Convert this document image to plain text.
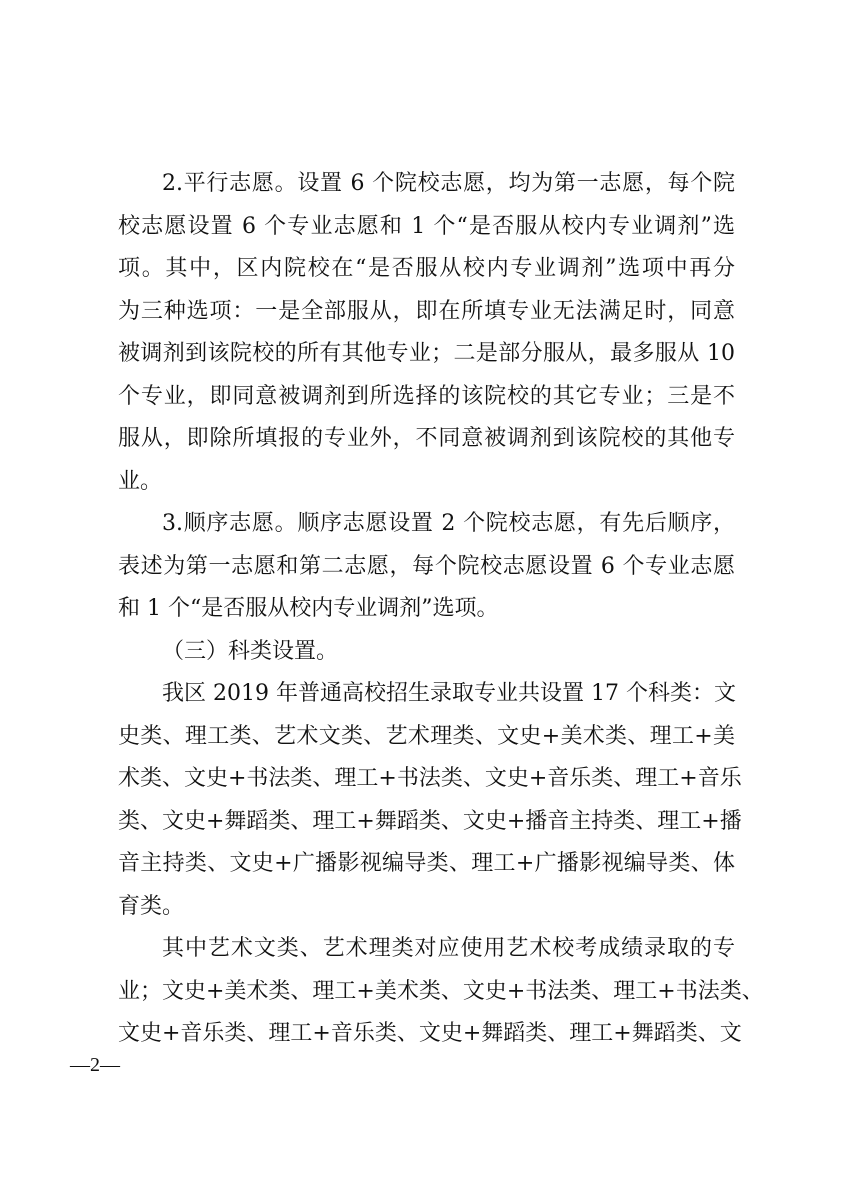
2.平行志愿。设置 6 个院校志愿，均为第一志愿，每个院
校志愿设置 6 个专业志愿和 1 个“是否服从校内专业调剂”选
项。其中，区内院校在“是否服从校内专业调剂”选项中再分
为三种选项：一是全部服从，即在所填专业无法满足时，同意
被调剂到该院校的所有其他专业；二是部分服从，最多服从 10
个专业，即同意被调剂到所选择的该院校的其它专业；三是不
服从，即除所填报的专业外，不同意被调剂到该院校的其他专
业。
3.顺序志愿。顺序志愿设置 2 个院校志愿，有先后顺序，
表述为第一志愿和第二志愿，每个院校志愿设置 6 个专业志愿
和 1 个“是否服从校内专业调剂”选项。
（三）科类设置。
我区 2019 年普通高校招生录取专业共设置 17 个科类：文
史类、理工类、艺术文类、艺术理类、文史+美术类、理工+美
术类、文史+书法类、理工+书法类、文史+音乐类、理工+音乐
类、文史+舞蹈类、理工+舞蹈类、文史+播音主持类、理工+播
音主持类、文史+广播影视编导类、理工+广播影视编导类、体
育类。
其中艺术文类、艺术理类对应使用艺术校考成绩录取的专
业；文史+美术类、理工+美术类、文史+书法类、理工+书法类、
文史+音乐类、理工+音乐类、文史+舞蹈类、理工+舞蹈类、文
—2—
